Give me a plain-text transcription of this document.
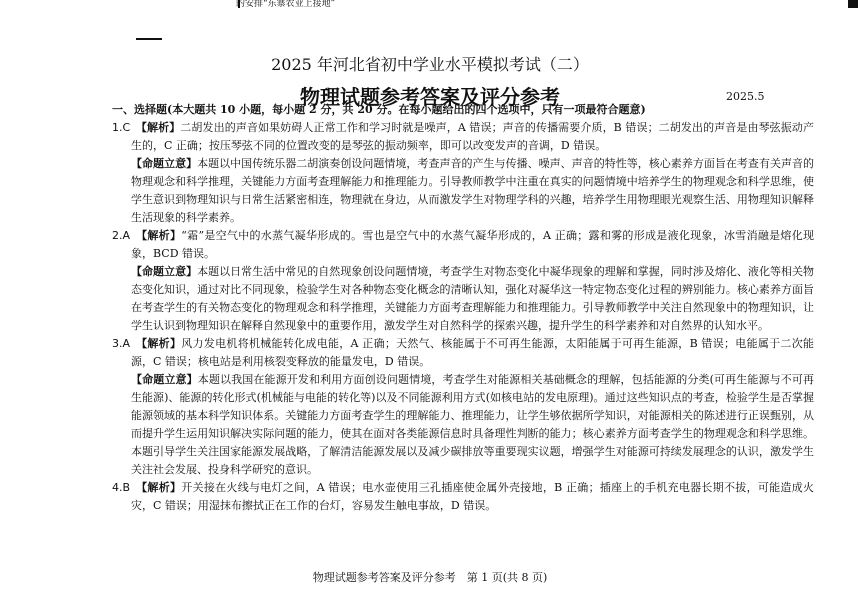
的安排“东寨农业上接地”
2025 年河北省初中学业水平模拟考试（二）
物理试题参考答案及评分参考	2025.5

一、选择题(本大题共 10 小题，每小题 2 分，共 20 分。在每小题给出的四个选项中，只有一项最符合题意)

1.C　 【解析】二胡发出的声音如果妨碍人正常工作和学习时就是噪声，A 错误；声音的传播需要介质，B 错误；二胡发出的声音是由琴弦振动产生的，C 正确；按压琴弦不同的位置改变的是琴弦的振动频率，即可以改变发声的音调，D 错误。

【命题立意】本题以中国传统乐器二胡演奏创设问题情境，考查声音的产生与传播、噪声、声音的特性等，核心素养方面旨在考查有关声音的物理观念和科学推理，关键能力方面考查理解能力和推理能力。引导教师教学中注重在真实的问题情境中培养学生的物理观念和科学思维，使学生意识到物理知识与日常生活紧密相连，物理就在身边，从而激发学生对物理学科的兴趣，培养学生用物理眼光观察生活、用物理知识解释生活现象的科学素养。

2.A　 【解析】“霜”是空气中的水蒸气凝华形成的。雪也是空气中的水蒸气凝华形成的，A 正确；露和雾的形成是液化现象，冰雪消融是熔化现象，BCD 错误。

【命题立意】本题以日常生活中常见的自然现象创设问题情境，考查学生对物态变化中凝华现象的理解和掌握，同时涉及熔化、液化等相关物态变化知识，通过对比不同现象，检验学生对各种物态变化概念的清晰认知，强化对凝华这一特定物态变化过程的辨别能力。核心素养方面旨在考查学生的有关物态变化的物理观念和科学推理，关键能力方面考查理解能力和推理能力。引导教师教学中关注自然现象中的物理知识，让学生认识到物理知识在解释自然现象中的重要作用，激发学生对自然科学的探索兴趣，提升学生的科学素养和对自然界的认知水平。

3.A　 【解析】风力发电机将机械能转化成电能，A 正确；天然气、核能属于不可再生能源，太阳能属于可再生能源，B 错误；电能属于二次能源，C 错误；核电站是利用核裂变释放的能量发电，D 错误。

【命题立意】本题以我国在能源开发和利用方面创设问题情境，考查学生对能源相关基础概念的理解，包括能源的分类(可再生能源与不可再生能源)、能源的转化形式(机械能与电能的转化等)以及不同能源利用方式(如核电站的发电原理)。通过这些知识点的考查，检验学生是否掌握能源领域的基本科学知识体系。关键能力方面考查学生的理解能力、推理能力，让学生够依据所学知识，对能源相关的陈述进行正误甄别，从而提升学生运用知识解决实际问题的能力，使其在面对各类能源信息时具备理性判断的能力；核心素养方面考查学生的物理观念和科学思维。本题引导学生关注国家能源发展战略，了解清洁能源发展以及减少碳排放等重要现实议题，增强学生对能源可持续发展理念的认识，激发学生关注社会发展、投身科学研究的意识。

4.B　 【解析】开关接在火线与电灯之间，A 错误；电水壶使用三孔插座使金属外壳接地，B 正确；插座上的手机充电器长期不拔，可能造成火灾，C 错误；用湿抹布擦拭正在工作的台灯，容易发生触电事故，D 错误。

物理试题参考答案及评分参考　第 1 页(共 8 页)
